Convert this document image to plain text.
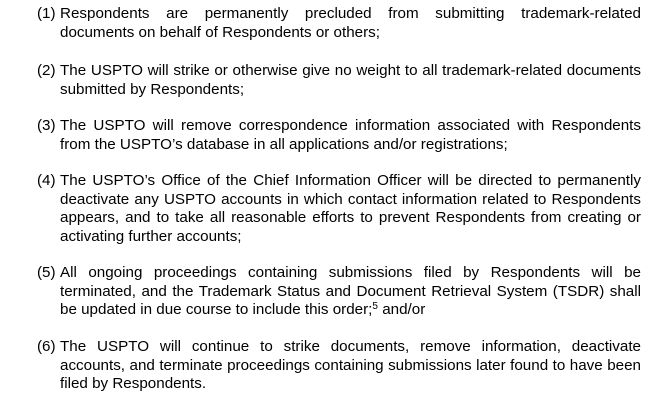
(1) Respondents are permanently precluded from submitting trademark-related documents on behalf of Respondents or others;
(2) The USPTO will strike or otherwise give no weight to all trademark-related documents submitted by Respondents;
(3) The USPTO will remove correspondence information associated with Respondents from the USPTO’s database in all applications and/or registrations;
(4) The USPTO’s Office of the Chief Information Officer will be directed to permanently deactivate any USPTO accounts in which contact information related to Respondents appears, and to take all reasonable efforts to prevent Respondents from creating or activating further accounts;
(5) All ongoing proceedings containing submissions filed by Respondents will be terminated, and the Trademark Status and Document Retrieval System (TSDR) shall be updated in due course to include this order;$^5$ and/or
(6) The USPTO will continue to strike documents, remove information, deactivate accounts, and terminate proceedings containing submissions later found to have been filed by Respondents.
